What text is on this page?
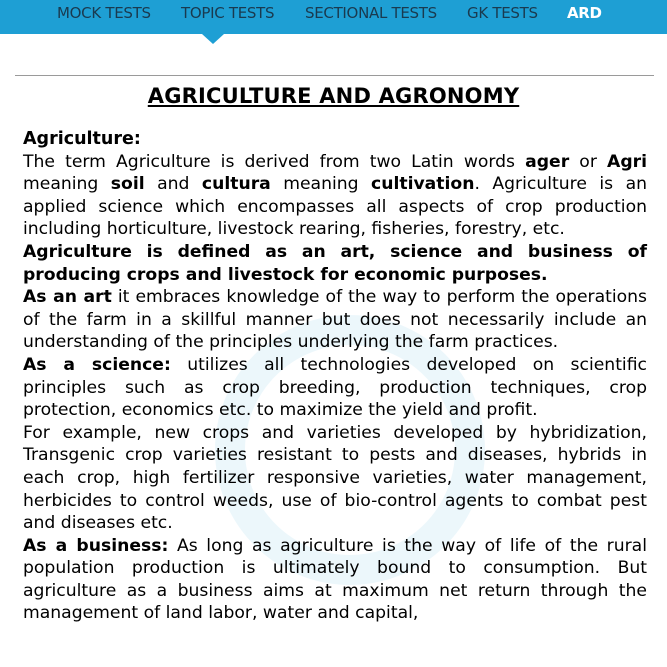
MOCK TESTS TOPIC TESTS SECTIONAL TESTS GK TESTS ARD
AGRICULTURE AND AGRONOMY

Agriculture:

The term Agriculture is derived from two Latin words ager or Agri meaning soil and cultura meaning cultivation. Agriculture is an applied science which encompasses all aspects of crop production including horticulture, livestock rearing, fisheries, forestry, etc.

Agriculture is defined as an art, science and business of producing crops and livestock for economic purposes.

As an art it embraces knowledge of the way to perform the operations of the farm in a skillful manner but does not necessarily include an understanding of the principles underlying the farm practices.

As a science: utilizes all technologies developed on scientific principles such as crop breeding, production techniques, crop protection, economics etc. to maximize the yield and profit.

For example, new crops and varieties developed by hybridization, Transgenic crop varieties resistant to pests and diseases, hybrids in each crop, high fertilizer responsive varieties, water management, herbicides to control weeds, use of bio-control agents to combat pest and diseases etc.

As a business: As long as agriculture is the way of life of the rural population production is ultimately bound to consumption. But agriculture as a business aims at maximum net return through the management of land labor, water and capital,
